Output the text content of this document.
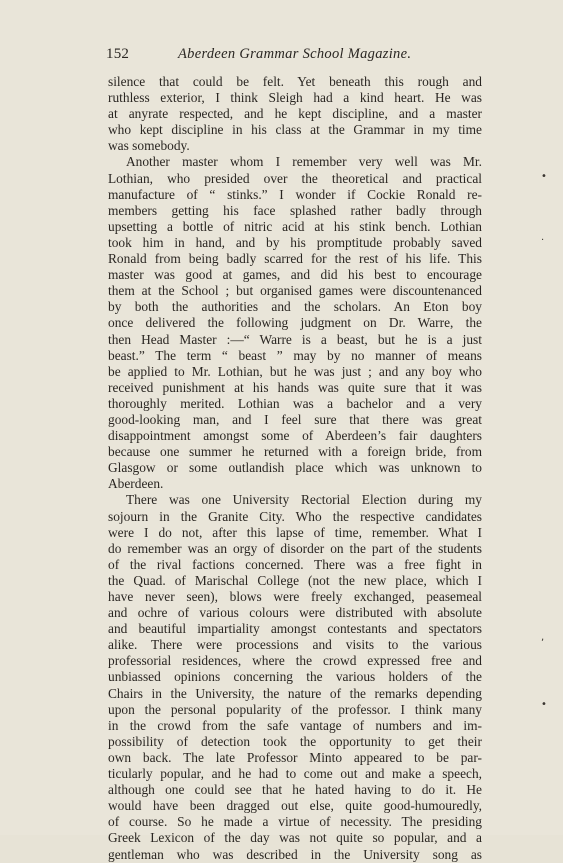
152	Aberdeen Grammar School Magazine.
silence that could be felt. Yet beneath this rough and
ruthless exterior, I think Sleigh had a kind heart. He was
at anyrate respected, and he kept discipline, and a master
who kept discipline in his class at the Grammar in my time
was somebody.
Another master whom I remember very well was Mr.
Lothian, who presided over the theoretical and practical
manufacture of “ stinks.” I wonder if Cockie Ronald re-
members getting his face splashed rather badly through
upsetting a bottle of nitric acid at his stink bench. Lothian
took him in hand, and by his promptitude probably saved
Ronald from being badly scarred for the rest of his life. This
master was good at games, and did his best to encourage
them at the School ; but organised games were discountenanced
by both the authorities and the scholars. An Eton boy
once delivered the following judgment on Dr. Warre, the
then Head Master :—“ Warre is a beast, but he is a just
beast.” The term “ beast ” may by no manner of means
be applied to Mr. Lothian, but he was just ; and any boy who
received punishment at his hands was quite sure that it was
thoroughly merited. Lothian was a bachelor and a very
good-looking man, and I feel sure that there was great
disappointment amongst some of Aberdeen’s fair daughters
because one summer he returned with a foreign bride, from
Glasgow or some outlandish place which was unknown to
Aberdeen.
There was one University Rectorial Election during my
sojourn in the Granite City. Who the respective candidates
were I do not, after this lapse of time, remember. What I
do remember was an orgy of disorder on the part of the students
of the rival factions concerned. There was a free fight in
the Quad. of Marischal College (not the new place, which I
have never seen), blows were freely exchanged, peasemeal
and ochre of various colours were distributed with absolute
and beautiful impartiality amongst contestants and spectators
alike. There were processions and visits to the various
professorial residences, where the crowd expressed free and
unbiassed opinions concerning the various holders of the
Chairs in the University, the nature of the remarks depending
upon the personal popularity of the professor. I think many
in the crowd from the safe vantage of numbers and im-
possibility of detection took the opportunity to get their
own back. The late Professor Minto appeared to be par-
ticularly popular, and he had to come out and make a speech,
although one could see that he hated having to do it. He
would have been dragged out else, quite good-humouredly,
of course. So he made a virtue of necessity. The presiding
Greek Lexicon of the day was not quite so popular, and a
gentleman who was described in the University song as
•
·
,
•
